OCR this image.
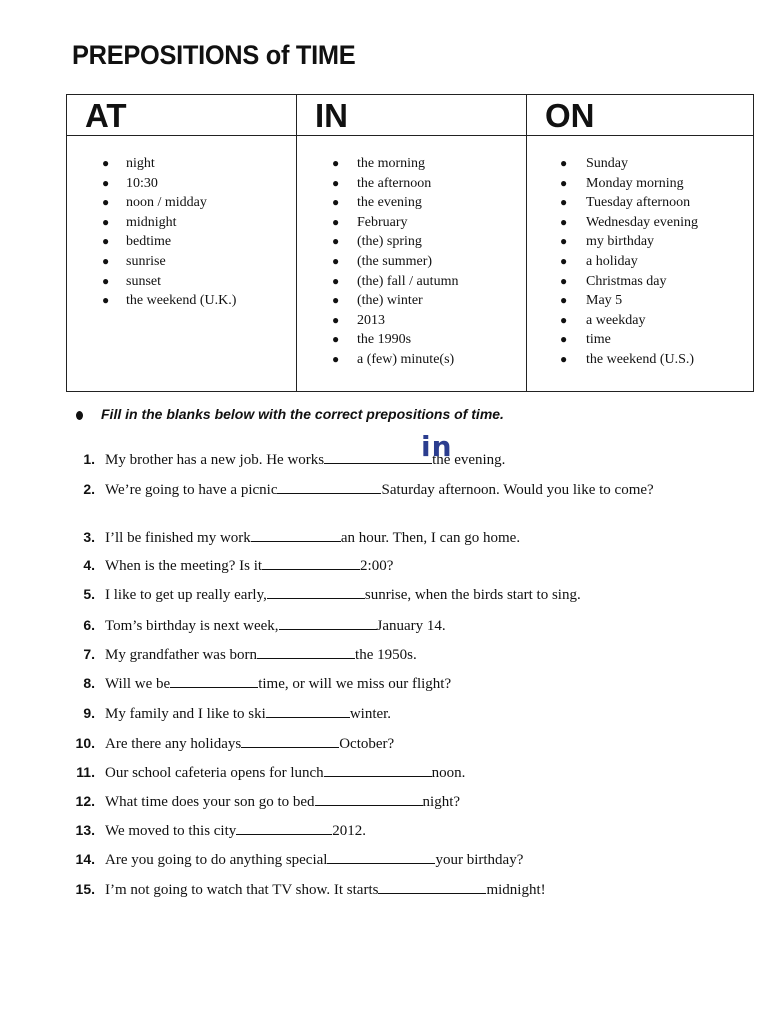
PREPOSITIONS of TIME
AT
● night
● 10:30
● noon / midday
● midnight
● bedtime
● sunrise
● sunset
● the weekend (U.K.)
IN
● the morning
● the afternoon
● the evening
● February
● (the) spring
● (the summer)
● (the) fall / autumn
● (the) winter
● 2013
● the 1990s
● a (few) minute(s)
ON
● Sunday
● Monday morning
● Tuesday afternoon
● Wednesday evening
● my birthday
● a holiday
● Christmas day
● May 5
● a weekday
● time
● the weekend (U.S.)
Fill in the blanks below with the correct prepositions of time.
1. My brother has a new job. He works	the evening.
2. We’re going to have a picnic	Saturday afternoon. Would you like to come?
3. I’ll be finished my work	an hour. Then, I can go home.
4. When is the meeting? Is it	2:00?
5. I like to get up really early,	sunrise, when the birds start to sing.
6. Tom’s birthday is next week,	January 14.
7. My grandfather was born	the 1950s.
8. Will we be	time, or will we miss our flight?
9. My family and I like to ski	winter.
10. Are there any holidays	October?
11. Our school cafeteria opens for lunch	noon.
12. What time does your son go to bed	night?
13. We moved to this city	2012.
14. Are you going to do anything special	your birthday?
15. I’m not going to watch that TV show. It starts	midnight!
in
